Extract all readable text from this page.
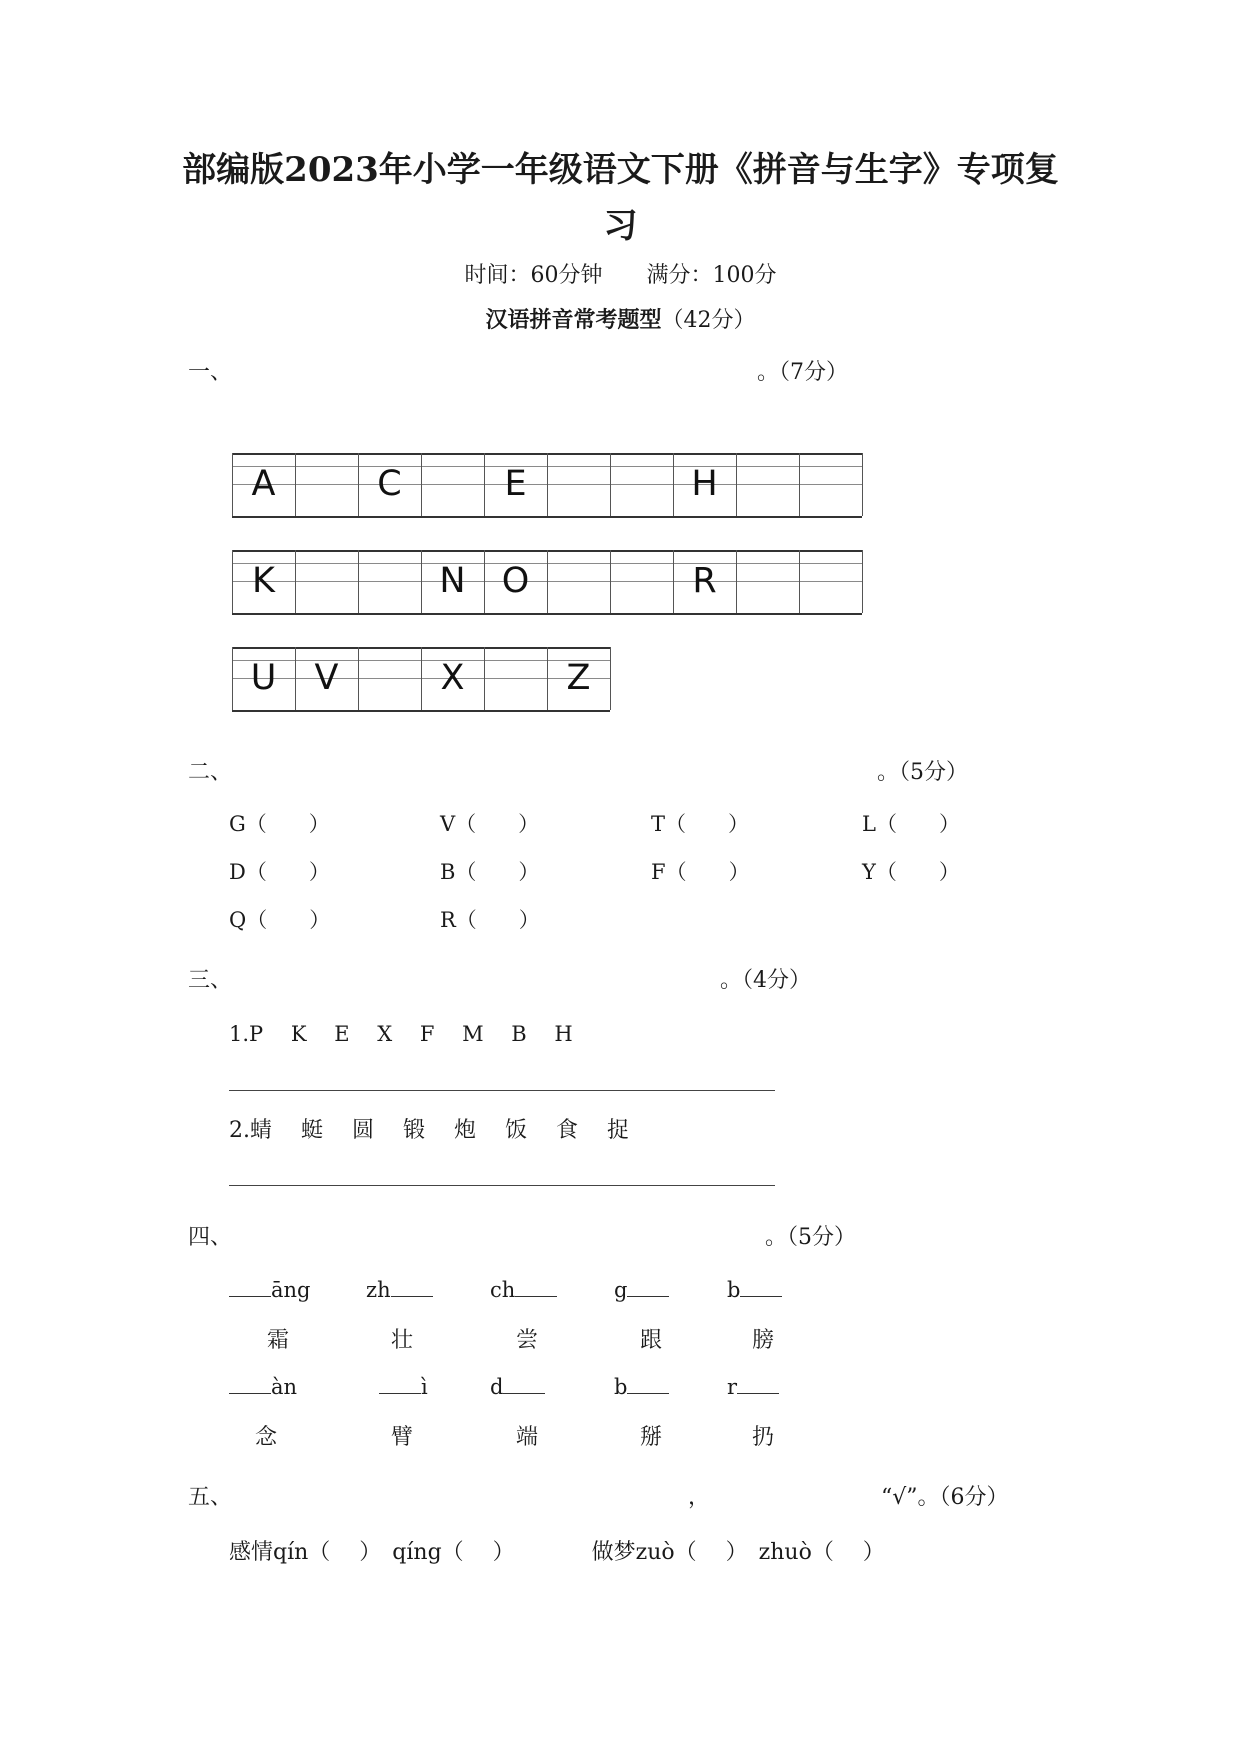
部编版2023年小学一年级语文下册《拼音与生字》专项复
习
时间：60分钟　　满分：100分
汉语拼音常考题型（42分）
一、	。（7分）
A	C	E	H
K	N	O	R
U	V	X	Z
二、	。（5分）
G（　　）	V（　　）	T（　　）	L（　　）
D（　　）	B（　　）	F（　　）	Y（　　）
Q（　　）	R（　　）
三、	。（4分）
1.P　 K　 E　 X　 F　 M　 B　 H
2.蜻　 蜓　 圆　 锻　 炮　 饭　 食　 捉
四、	。（5分）
āng	zh	ch	g	b
霜	壮	尝	跟	膀
àn	ì	d	b	r
念	臂	端	掰	扔
五、	，	“√”。（6分）
感情qín（　 ）　qíng（　 ）　　　　做梦zuò（　 ）　zhuò（　 ）
